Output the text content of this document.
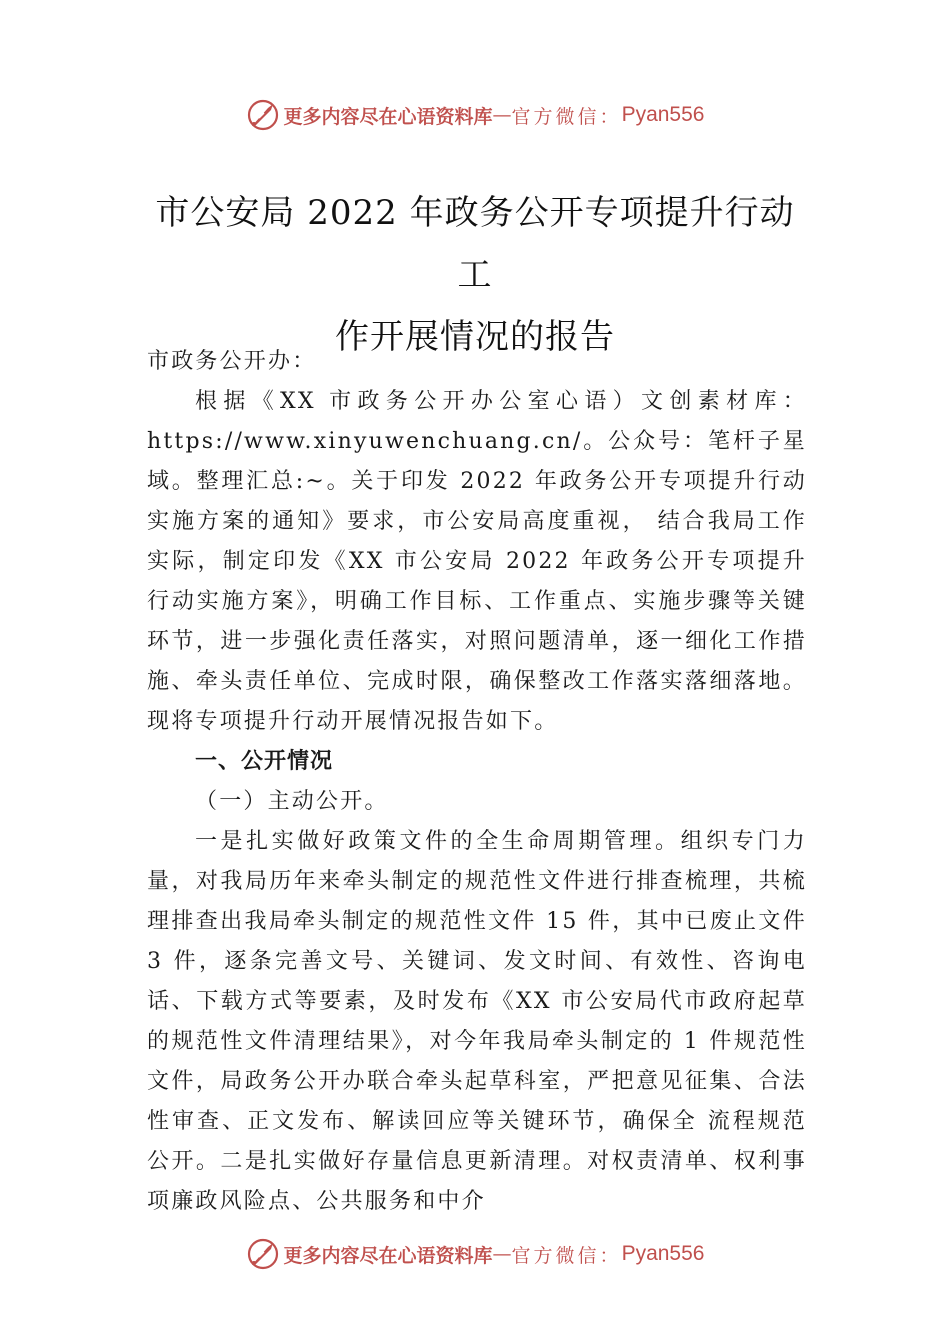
更多内容尽在心语资料库 — 官方微信： Pyan556
市公安局 2022 年政务公开专项提升行动工
作开展情况的报告

市政务公开办：

根据《XX 市政务公开办公室心语）文创素材库：https://www.xinyuwenchuang.cn/。公众号：笔杆子星域。整理汇总:~。关于印发 2022 年政务公开专项提升行动实施方案的通知》要求，市公安局高度重视， 结合我局工作实际，制定印发《XX 市公安局 2022 年政务公开专项提升行动实施方案》，明确工作目标、工作重点、实施步骤等关键环节，进一步强化责任落实，对照问题清单，逐一细化工作措施、牵头责任单位、完成时限，确保整改工作落实落细落地。现将专项提升行动开展情况报告如下。

一、公开情况

（一）主动公开。

一是扎实做好政策文件的全生命周期管理。组织专门力量，对我局历年来牵头制定的规范性文件进行排查梳理，共梳理排查出我局牵头制定的规范性文件 15 件，其中已废止文件 3 件，逐条完善文号、关键词、发文时间、有效性、咨询电话、下载方式等要素，及时发布《XX 市公安局代市政府起草的规范性文件清理结果》，对今年我局牵头制定的 1 件规范性文件，局政务公开办联合牵头起草科室，严把意见征集、合法性审查、正文发布、解读回应等关键环节，确保全 流程规范公开。二是扎实做好存量信息更新清理。对权责清单、权利事项廉政风险点、公共服务和中介

更多内容尽在心语资料库 — 官方微信： Pyan556
